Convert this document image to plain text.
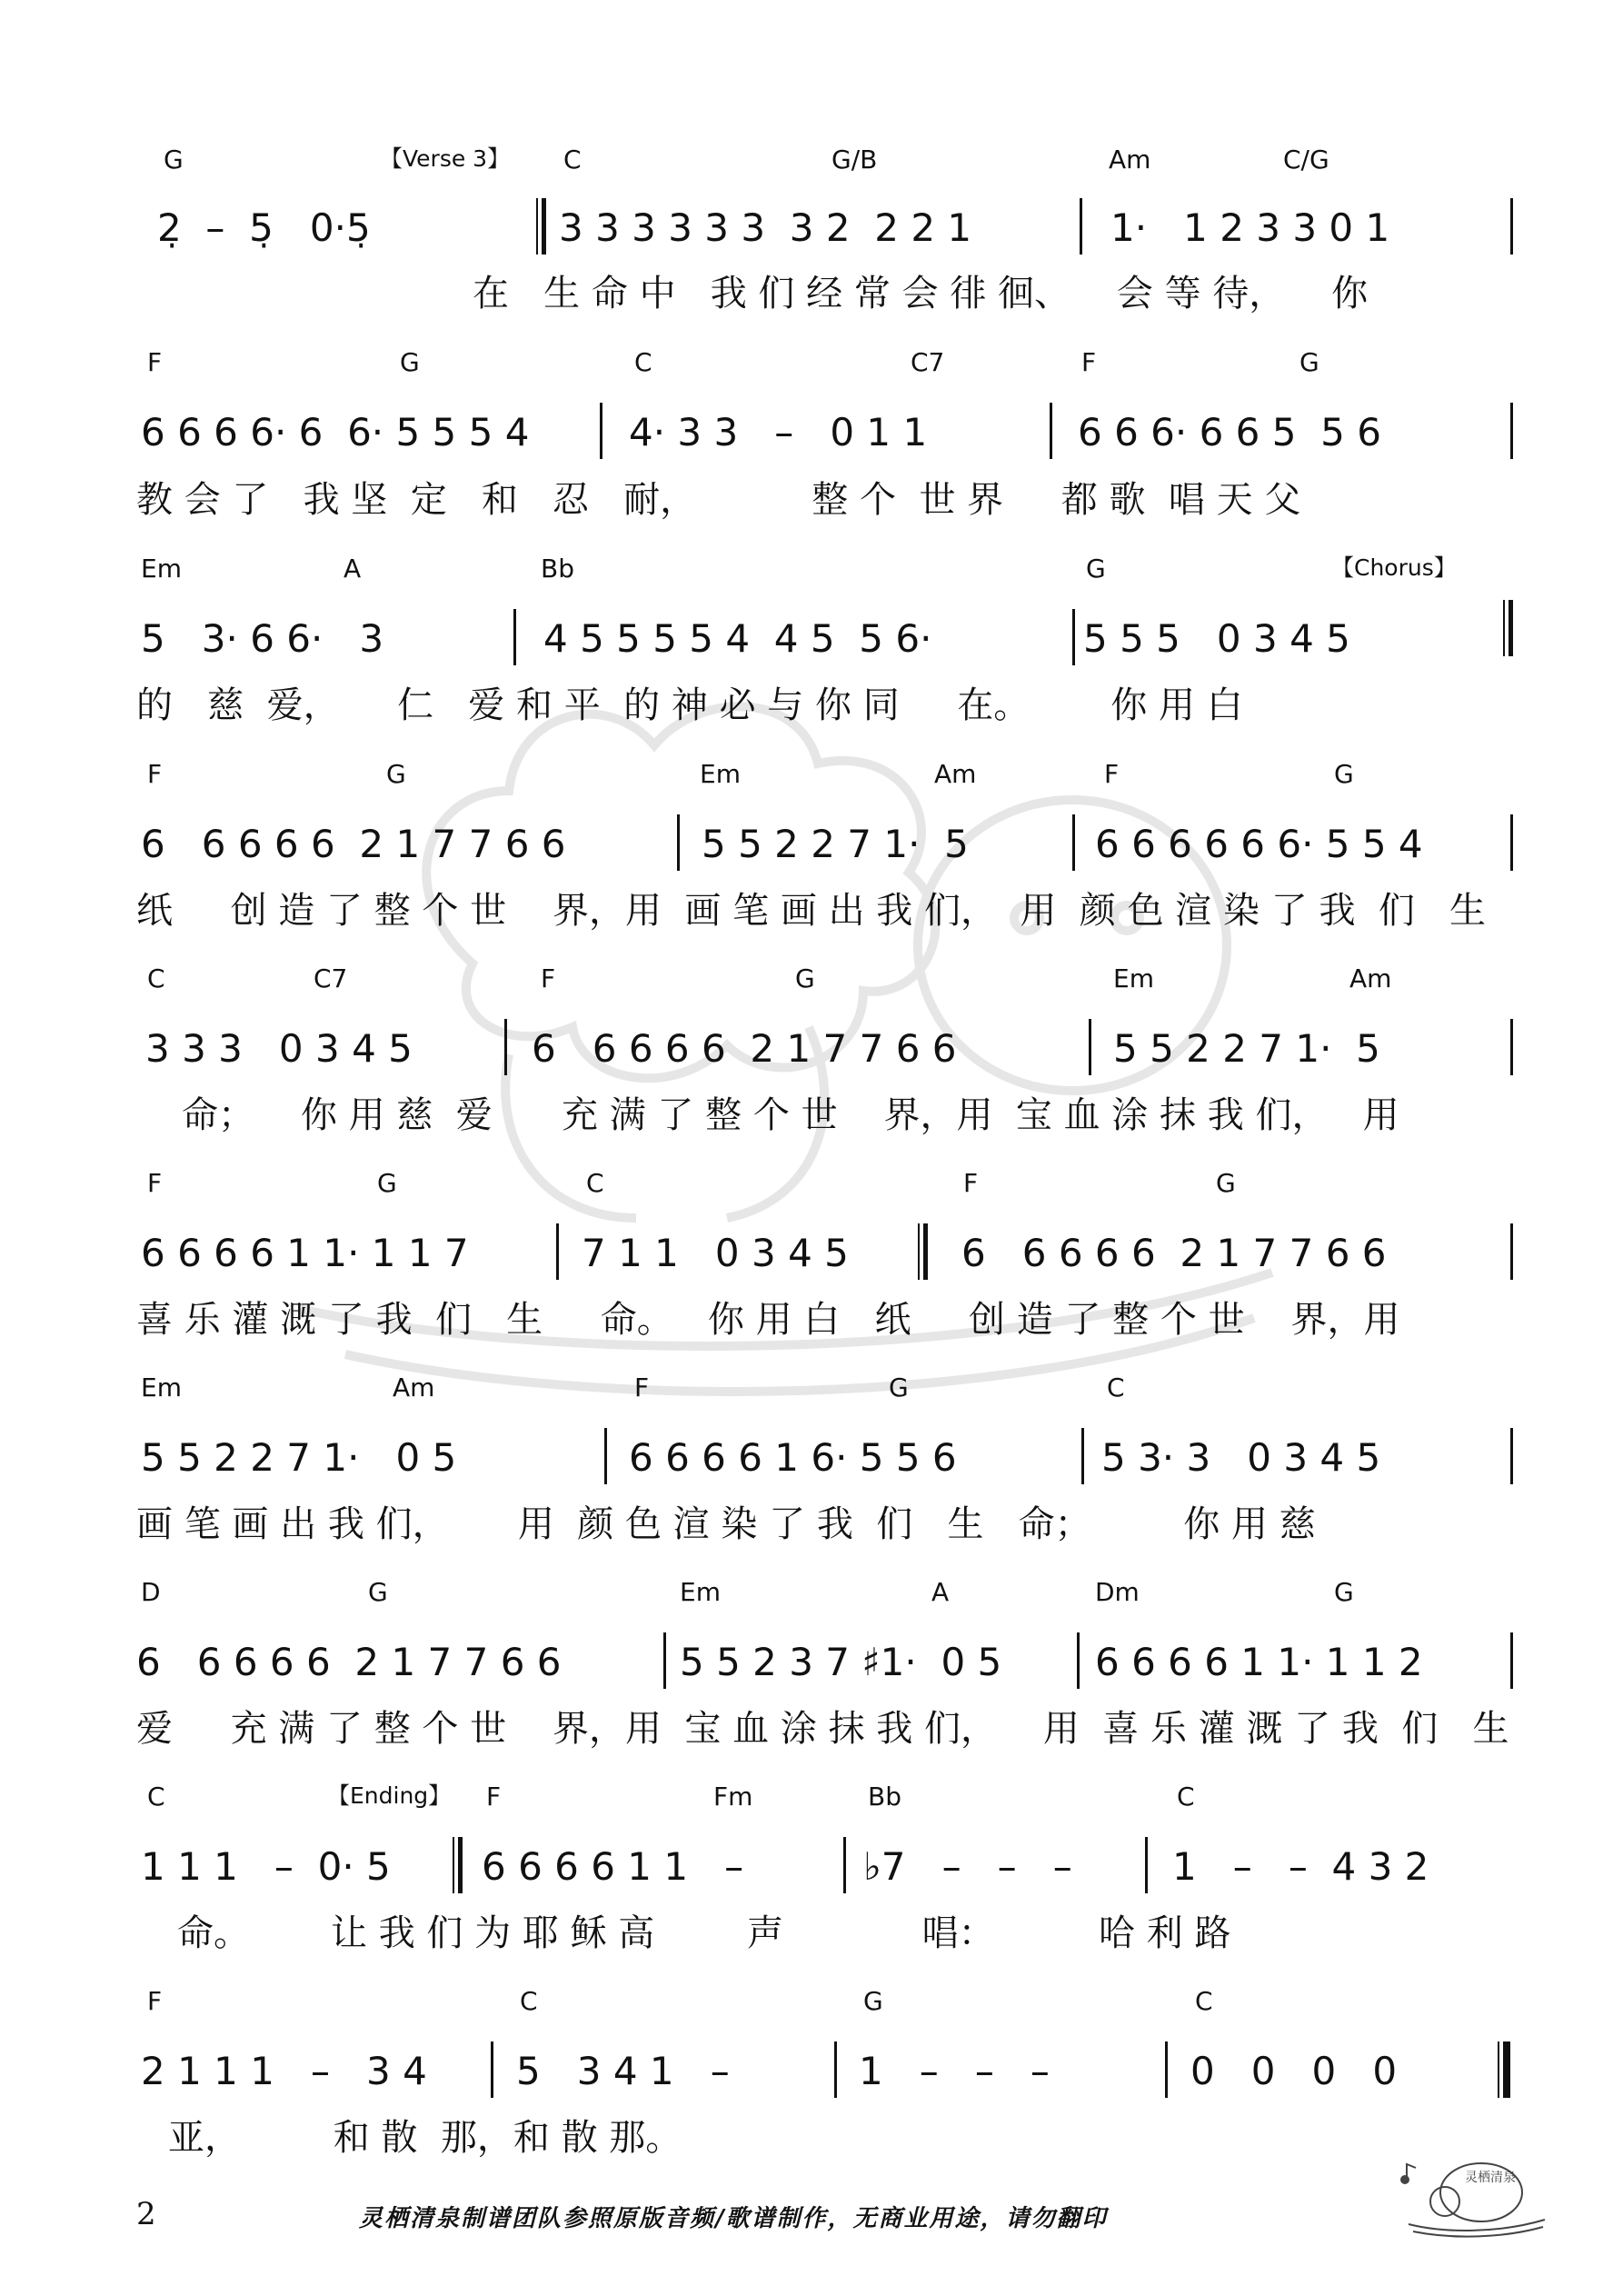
G	【Verse 3】 C	G/B	Am	C/G
2̣  –  5̣   0·5̣	3 3 3 3 3 3  3 2  2 2 1	1·   1 2 3 3 0 1
在   生 命 中   我 们 经 常 会 徘 徊、    会 等 待，    你
F	G	C	C7	F	G
6 6 6 6· 6  6· 5 5 5 4	4· 3 3   –   0 1 1	6 6 6· 6 6 5  5 6
教 会 了   我 坚  定   和   忍   耐，          整 个  世 界     都 歌  唱 天 父
Em	A	Bb	G	【Chorus】
5   3· 6 6·   3	4 5 5 5 5 4  4 5  5 6·	5 5 5   0 3 4 5
的   慈  爱，     仁   爱 和 平  的 神 必 与 你 同     在。       你 用 白
F	G	Em	Am	F	G
6   6 6 6 6  2 1 7 7 6 6	5 5 2 2 7 1·  5	6 6 6 6 6 6· 5 5 4
纸     创 造 了 整 个 世    界，用  画 笔 画 出 我 们，  用  颜 色 渲 染 了 我  们   生
C	C7	F	G	Em	Am
3 3 3   0 3 4 5	6   6 6 6 6  2 1 7 7 6 6	5 5 2 2 7 1·  5
命；    你 用 慈  爱      充 满 了 整 个 世    界，用  宝 血 涂 抹 我 们，   用
F	G	C	F	G
6 6 6 6 1 1· 1 1 7	7 1 1   0 3 4 5	6   6 6 6 6  2 1 7 7 6 6
喜 乐 灌 溉 了 我  们   生     命。   你 用 白   纸     创 造 了 整 个 世    界，用
Em	Am	F	G	C
5 5 2 2 7 1·   0 5	6 6 6 6 1 6· 5 5 6	5 3· 3   0 3 4 5
画 笔 画 出 我 们，      用  颜 色 渲 染 了 我  们   生   命；        你 用 慈
D	G	Em	A	Dm	G
6   6 6 6 6  2 1 7 7 6 6	5 5 2 3 7 ♯1·  0 5 6 6 6 6 1 1· 1 1 2
爱     充 满 了 整 个 世    界，用  宝 血 涂 抹 我 们，    用  喜 乐 灌 溉 了 我  们   生
C	【Ending】 F	Fm	Bb	C
1 1 1   –  0· 5 6 6 6 6 1 1   –	♭7   –   –   –	1   –   –  4 3 2
命。       让 我 们 为 耶 稣 高        声            唱：         哈 利 路
F	C	G	C
2 1 1 1   –   3 4 5   3 4 1   –	1   –   –   –	0   0   0   0
亚，        和 散  那，和 散 那。
2	灵栖清泉制谱团队参照原版音频/歌谱制作，无商业用途，请勿翻印
灵栖清泉
